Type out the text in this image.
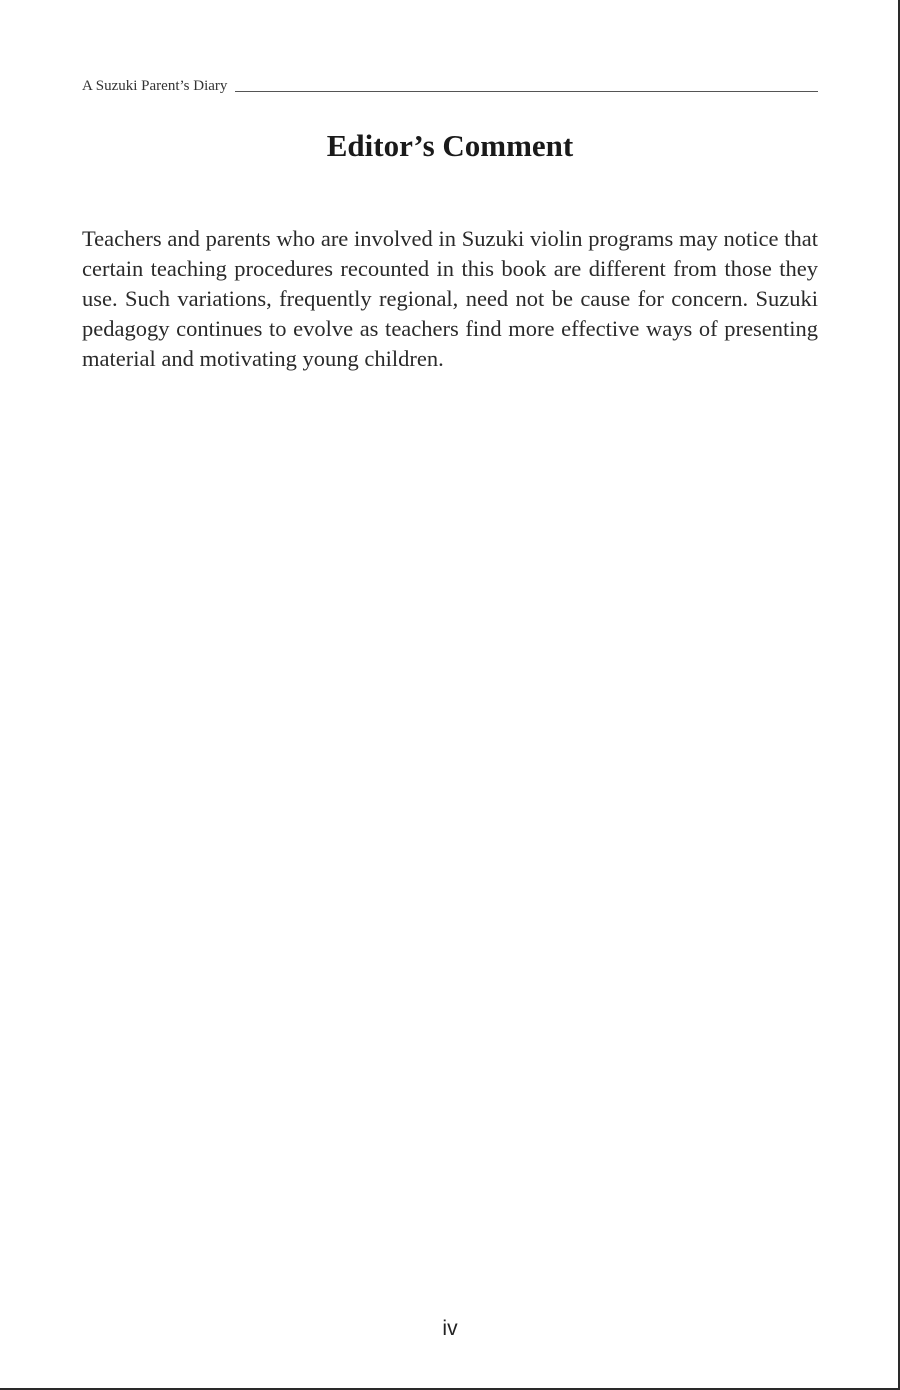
A Suzuki Parent’s Diary
Editor’s Comment

Teachers and parents who are involved in Suzuki violin programs may notice that certain teaching procedures recounted in this book are different from those they use. Such variations, frequently regional, need not be cause for concern. Suzuki pedagogy continues to evolve as teachers find more effective ways of presenting material and motivating young children.

iv
